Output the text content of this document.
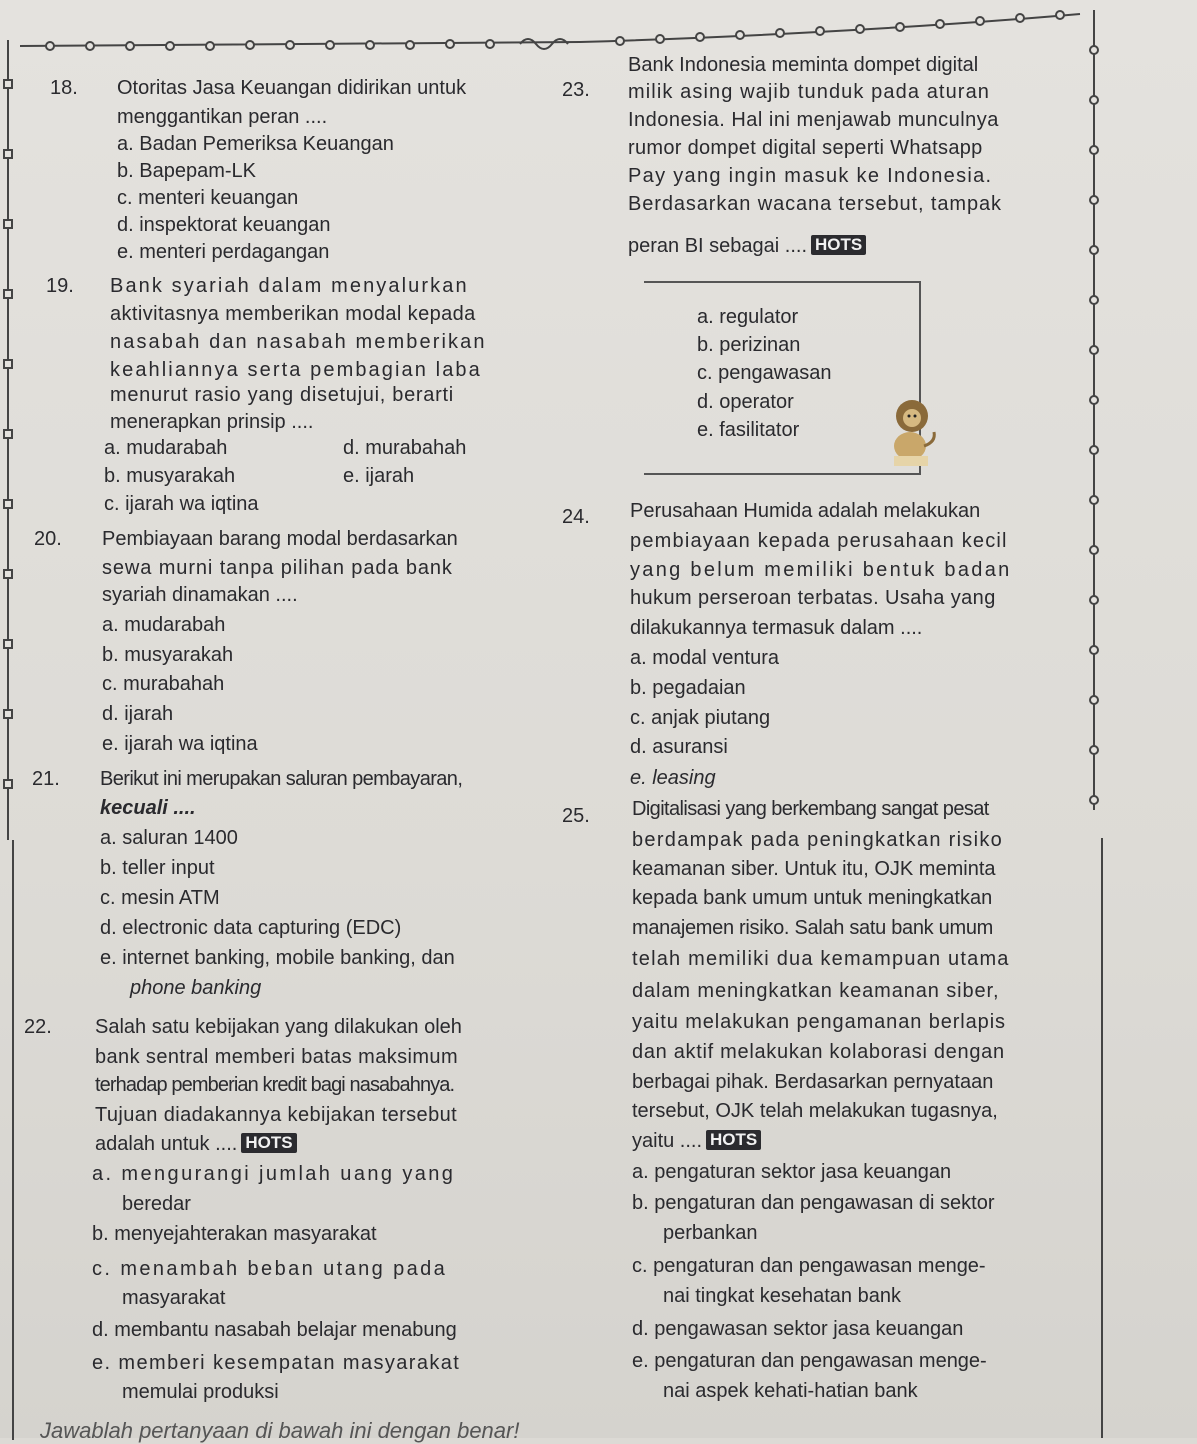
18. Otoritas Jasa Keuangan didirikan untuk
menggantikan peran ....
a. Badan Pemeriksa Keuangan
b. Bapepam-LK
c. menteri keuangan
d. inspektorat keuangan
e. menteri perdagangan
19. Bank syariah dalam menyalurkan
aktivitasnya memberikan modal kepada
nasabah dan nasabah memberikan
keahliannya serta pembagian laba
menurut rasio yang disetujui, berarti
menerapkan prinsip ....
a. mudarabah	d. murabahah
b. musyarakah	e. ijarah
c. ijarah wa iqtina
20. Pembiayaan barang modal berdasarkan
sewa murni tanpa pilihan pada bank
syariah dinamakan ....
a. mudarabah
b. musyarakah
c. murabahah
d. ijarah
e. ijarah wa iqtina
21. Berikut ini merupakan saluran pembayaran,
kecuali ....
a. saluran 1400
b. teller input
c. mesin ATM
d. electronic data capturing (EDC)
e. internet banking, mobile banking, dan
phone banking
22. Salah satu kebijakan yang dilakukan oleh
bank sentral memberi batas maksimum
terhadap pemberian kredit bagi nasabahnya.
Tujuan diadakannya kebijakan tersebut
adalah untuk .... HOTS
a. mengurangi jumlah uang yang
beredar
b. menyejahterakan masyarakat
c. menambah beban utang pada
masyarakat
d. membantu nasabah belajar menabung
e. memberi kesempatan masyarakat
memulai produksi
23.
Bank Indonesia meminta dompet digital
milik asing wajib tunduk pada aturan
Indonesia. Hal ini menjawab munculnya
rumor dompet digital seperti Whatsapp
Pay yang ingin masuk ke Indonesia.
Berdasarkan wacana tersebut, tampak
peran BI sebagai .... HOTS
a. regulator
b. perizinan
c. pengawasan
d. operator
e. fasilitator
24. Perusahaan Humida adalah melakukan
pembiayaan kepada perusahaan kecil
yang belum memiliki bentuk badan
hukum perseroan terbatas. Usaha yang
dilakukannya termasuk dalam ....
a. modal ventura
b. pegadaian
c. anjak piutang
d. asuransi
e. leasing
25. Digitalisasi yang berkembang sangat pesat
berdampak pada peningkatkan risiko
keamanan siber. Untuk itu, OJK meminta
kepada bank umum untuk meningkatkan
manajemen risiko. Salah satu bank umum
telah memiliki dua kemampuan utama
dalam meningkatkan keamanan siber,
yaitu melakukan pengamanan berlapis
dan aktif melakukan kolaborasi dengan
berbagai pihak. Berdasarkan pernyataan
tersebut, OJK telah melakukan tugasnya,
yaitu .... HOTS
a. pengaturan sektor jasa keuangan
b. pengaturan dan pengawasan di sektor
perbankan
c. pengaturan dan pengawasan menge-
nai tingkat kesehatan bank
d. pengawasan sektor jasa keuangan
e. pengaturan dan pengawasan menge-
nai aspek kehati-hatian bank
Jawablah pertanyaan di bawah ini dengan benar!
